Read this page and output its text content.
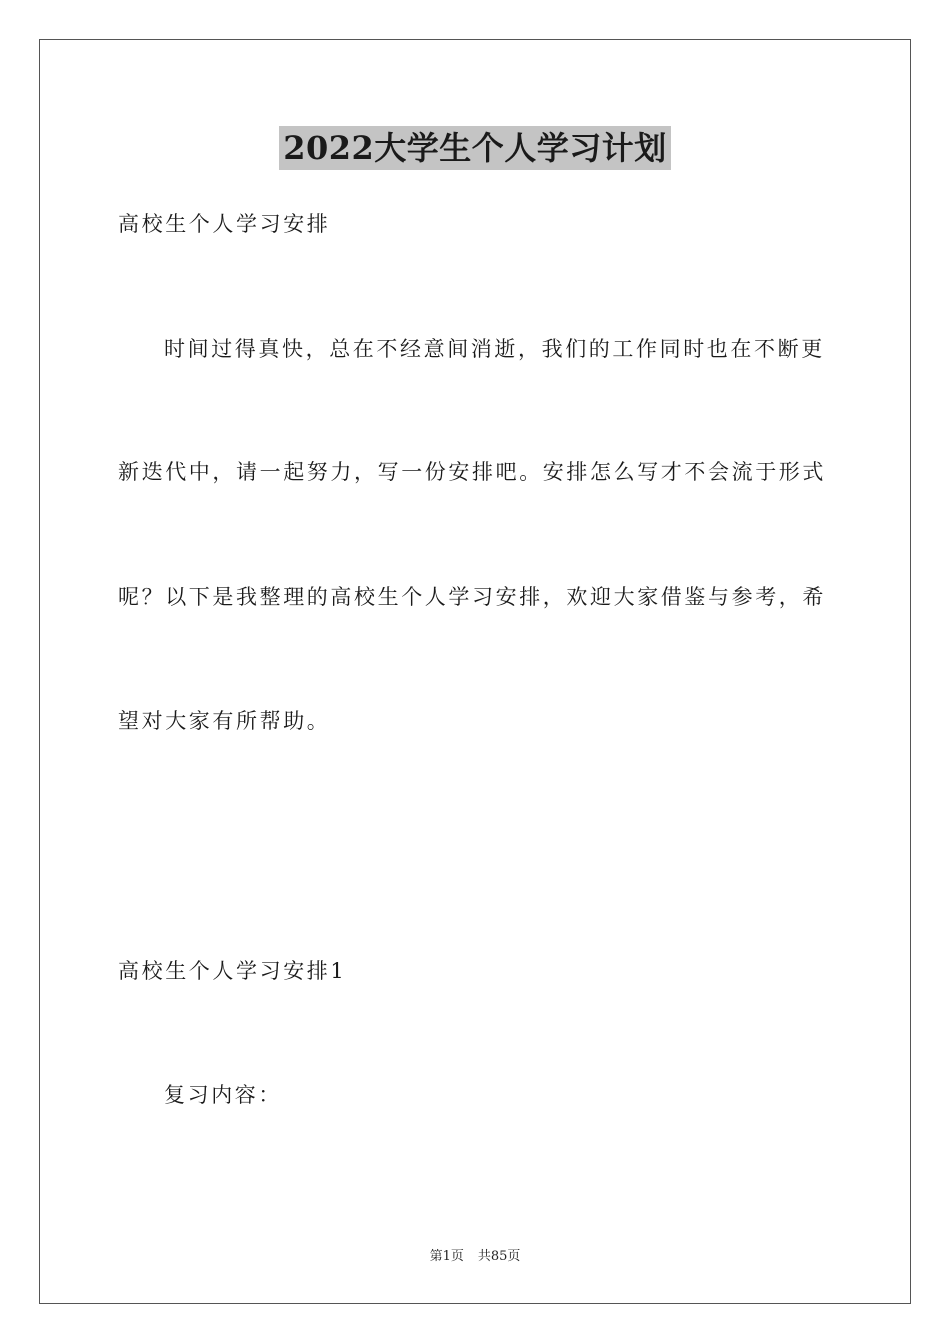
2022大学生个人学习计划
高校生个人学习安排
时间过得真快，总在不经意间消逝，我们的工作同时也在不断更
新迭代中，请一起努力，写一份安排吧。安排怎么写才不会流于形式
呢？以下是我整理的高校生个人学习安排，欢迎大家借鉴与参考，希
望对大家有所帮助。
高校生个人学习安排1
复习内容：
第1页 共85页
